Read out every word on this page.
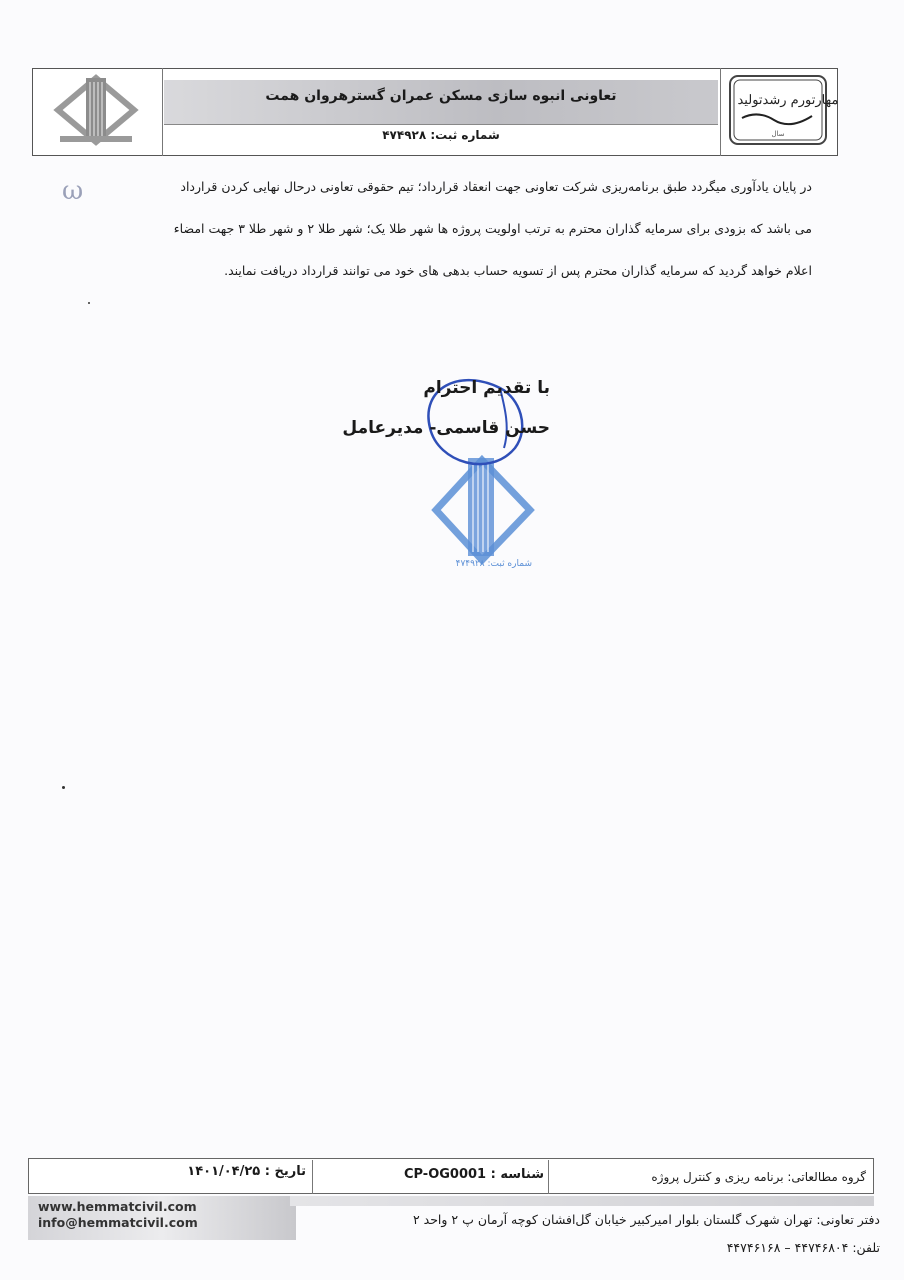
تعاونی انبوه سازی مسکن عمران گسترهروان همت
شماره ثبت: ۴۷۴۹۲۸
مهارتورم رشدتولید
سال
ω	در پایان یادآوری میگردد طبق برنامه‌ریزی شرکت تعاونی جهت انعقاد قرارداد؛ تیم حقوقی تعاونی درحال نهایی کردن قرارداد
می باشد که بزودی برای سرمایه گذاران محترم به ترتب اولویت پروژه ها شهر طلا یک؛ شهر طلا ۲ و شهر طلا ۳ جهت امضاء
اعلام خواهد گردید که سرمایه گذاران محترم پس از تسویه حساب بدهی های خود می توانند قرارداد دریافت نمایند.
شماره ثبت: ۴۷۴۹۲۸
با تقدیم احترام
حسن قاسمی- مدیرعامل
گروه مطالعاتی: برنامه ریزی و کنترل پروژه
شناسه : CP-OG0001
تاریخ : ۱۴۰۱/۰۴/۲۵
www.hemmatcivil.com
info@hemmatcivil.com	دفتر تعاونی: تهران شهرک گلستان بلوار امیرکبیر خیابان گل‌افشان کوچه آرمان پ ۲ واحد ۲
تلفن: ۴۴۷۴۶۸۰۴ – ۴۴۷۴۶۱۶۸
